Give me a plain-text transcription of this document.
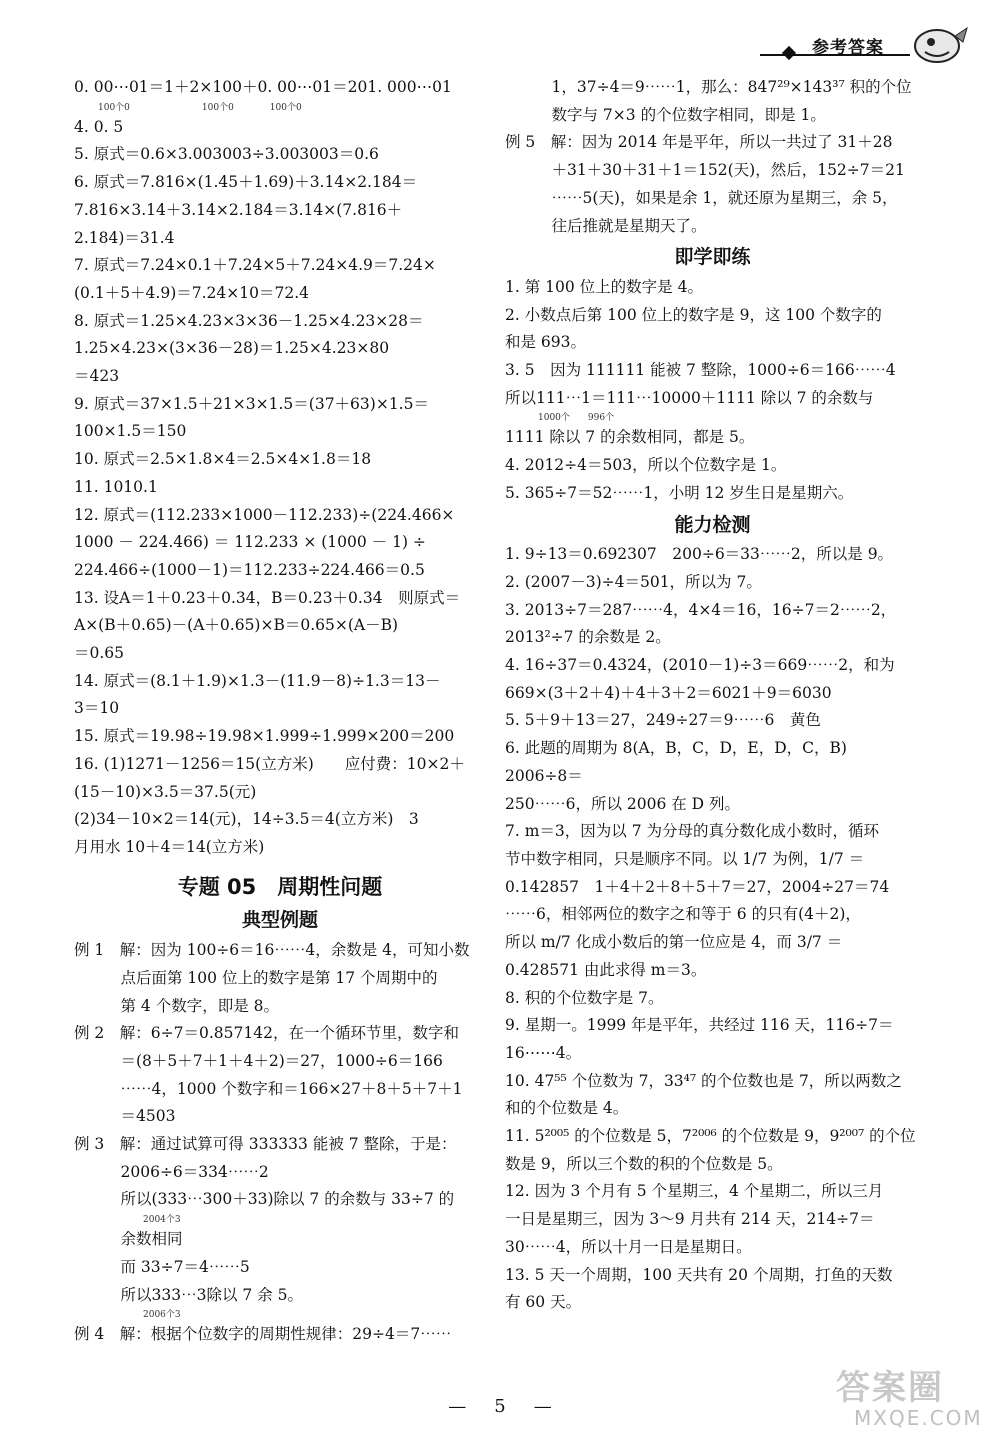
参考答案
0. 00⋯01＝1＋2×100＋0. 00⋯01＝201. 000⋯01
100个0　　　　　　　　100个0　　　　100个0
4. 0. 5
5. 原式＝0.6×3.003003÷3.003003＝0.6
6. 原式＝7.816×(1.45＋1.69)＋3.14×2.184＝
7.816×3.14＋3.14×2.184＝3.14×(7.816＋
2.184)＝31.4
7. 原式＝7.24×0.1＋7.24×5＋7.24×4.9＝7.24×
(0.1＋5＋4.9)＝7.24×10＝72.4
8. 原式＝1.25×4.23×3×36－1.25×4.23×28＝
1.25×4.23×(3×36－28)＝1.25×4.23×80
＝423
9. 原式＝37×1.5＋21×3×1.5＝(37＋63)×1.5＝
100×1.5＝150
10. 原式＝2.5×1.8×4＝2.5×4×1.8＝18
11. 1010.1
12. 原式＝(112.233×1000－112.233)÷(224.466×
1000 － 224.466) ＝ 112.233 × (1000 － 1) ÷
224.466÷(1000－1)＝112.233÷224.466＝0.5
13. 设A＝1＋0.23＋0.34，B＝0.23＋0.34　则原式＝
A×(B＋0.65)－(A＋0.65)×B＝0.65×(A－B)
＝0.65
14. 原式＝(8.1＋1.9)×1.3－(11.9－8)÷1.3＝13－
3＝10
15. 原式＝19.98÷19.98×1.999÷1.999×200＝200
16. (1)1271－1256＝15(立方米)　　应付费：10×2＋
(15－10)×3.5＝37.5(元)
(2)34－10×2＝14(元)，14÷3.5＝4(立方米)　3
月用水 10＋4＝14(立方米)
专题 05　周期性问题
典型例题
例 1　解：因为 100÷6＝16⋯⋯4，余数是 4，可知小数
　　　点后面第 100 位上的数字是第 17 个周期中的
　　　第 4 个数字，即是 8。
例 2　解：6÷7＝0.857142，在一个循环节里，数字和
　　　＝(8＋5＋7＋1＋4＋2)＝27，1000÷6＝166
　　　⋯⋯4，1000 个数字和＝166×27＋8＋5＋7＋1
　　　＝4503
例 3　解：通过试算可得 333333 能被 7 整除，于是：
　　　2006÷6＝334⋯⋯2
　　　所以(333⋯300＋33)除以 7 的余数与 33÷7 的
　　　　　2004个3
　　　余数相同
　　　而 33÷7＝4⋯⋯5
　　　所以333⋯3除以 7 余 5。
　　　　　2006个3
例 4　解：根据个位数字的周期性规律：29÷4＝7⋯⋯
　　　1，37÷4＝9⋯⋯1，那么：847²⁹×143³⁷ 积的个位
　　　数字与 7×3 的个位数字相同，即是 1。
例 5　解：因为 2014 年是平年，所以一共过了 31＋28
　　　＋31＋30＋31＋1＝152(天)，然后，152÷7＝21
　　　⋯⋯5(天)，如果是余 1，就还原为星期三，余 5，
　　　往后推就是星期天了。
即学即练
1. 第 100 位上的数字是 4。
2. 小数点后第 100 位上的数字是 9，这 100 个数字的
和是 693。
3. 5　因为 111111 能被 7 整除，1000÷6＝166⋯⋯4
所以111⋯1＝111⋯10000＋1111 除以 7 的余数与
　1000个　　996个
1111 除以 7 的余数相同，都是 5。
4. 2012÷4＝503，所以个位数字是 1。
5. 365÷7＝52⋯⋯1，小明 12 岁生日是星期六。
能力检测
1. 9÷13＝0.692307　200÷6＝33⋯⋯2，所以是 9。
2. (2007－3)÷4＝501，所以为 7。
3. 2013÷7＝287⋯⋯4，4×4＝16，16÷7＝2⋯⋯2，
2013²÷7 的余数是 2。
4. 16÷37＝0.4324，(2010－1)÷3＝669⋯⋯2，和为
669×(3＋2＋4)＋4＋3＋2＝6021＋9＝6030
5. 5＋9＋13＝27，249÷27＝9⋯⋯6　黄色
6. 此题的周期为 8(A，B，C，D，E，D，C，B)　2006÷8＝
250⋯⋯6，所以 2006 在 D 列。
7. m＝3，因为以 7 为分母的真分数化成小数时，循环
节中数字相同，只是顺序不同。以 1/7 为例，1/7 ＝
0.142857　1＋4＋2＋8＋5＋7＝27，2004÷27＝74
⋯⋯6，相邻两位的数字之和等于 6 的只有(4＋2)，
所以 m/7 化成小数后的第一位应是 4，而 3/7 ＝
0.428571 由此求得 m＝3。
8. 积的个位数字是 7。
9. 星期一。1999 年是平年，共经过 116 天，116÷7＝
16⋯⋯4。
10. 47⁵⁵ 个位数为 7，33⁴⁷ 的个位数也是 7，所以两数之
和的个位数是 4。
11. 5²⁰⁰⁵ 的个位数是 5，7²⁰⁰⁶ 的个位数是 9，9²⁰⁰⁷ 的个位
数是 9，所以三个数的积的个位数是 5。
12. 因为 3 个月有 5 个星期三，4 个星期二，所以三月
一日是星期三，因为 3～9 月共有 214 天，214÷7＝
30⋯⋯4，所以十月一日是星期日。
13. 5 天一个周期，100 天共有 20 个周期，打鱼的天数
有 60 天。
— 5 —	答案圈
MXQE.COM
